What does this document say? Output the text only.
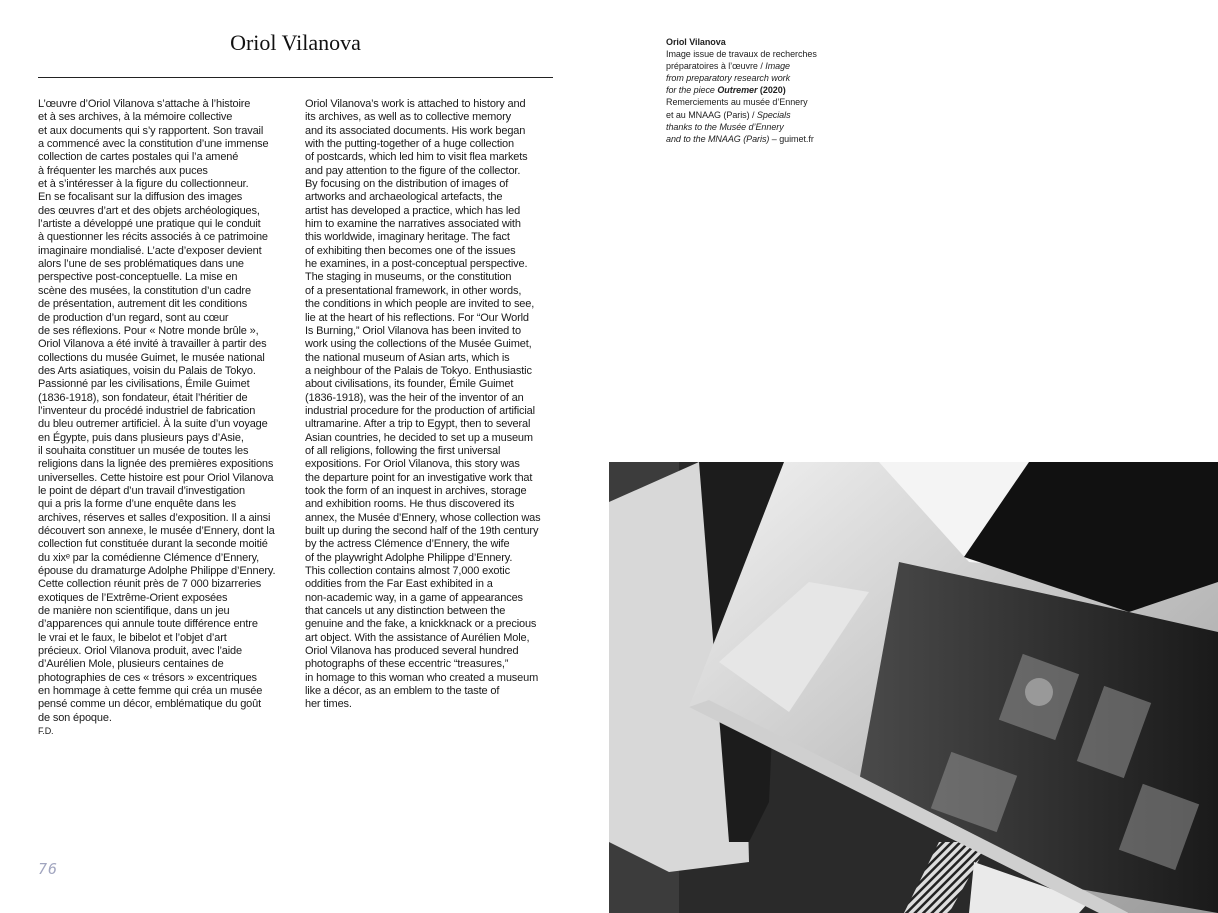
Oriol Vilanova
L’œuvre d’Oriol Vilanova s’attache à l’histoire
et à ses archives, à la mémoire collective
et aux documents qui s’y rapportent. Son travail
a commencé avec la constitution d’une immense
collection de cartes postales qui l’a amené
à fréquenter les marchés aux puces
et à s’intéresser à la figure du collectionneur.
En se focalisant sur la diffusion des images
des œuvres d’art et des objets archéologiques,
l’artiste a développé une pratique qui le conduit
à questionner les récits associés à ce patrimoine
imaginaire mondialisé. L’acte d’exposer devient
alors l’une de ses problématiques dans une
perspective post-conceptuelle. La mise en
scène des musées, la constitution d’un cadre
de présentation, autrement dit les conditions
de production d’un regard, sont au cœur
de ses réflexions. Pour « Notre monde brûle »,
Oriol Vilanova a été invité à travailler à partir des
collections du musée Guimet, le musée national
des Arts asiatiques, voisin du Palais de Tokyo.
Passionné par les civilisations, Émile Guimet
(1836-1918), son fondateur, était l’héritier de
l’inventeur du procédé industriel de fabrication
du bleu outremer artificiel. À la suite d’un voyage
en Égypte, puis dans plusieurs pays d’Asie,
il souhaita constituer un musée de toutes les
religions dans la lignée des premières expositions
universelles. Cette histoire est pour Oriol Vilanova
le point de départ d’un travail d’investigation
qui a pris la forme d’une enquête dans les
archives, réserves et salles d’exposition. Il a ainsi
découvert son annexe, le musée d’Ennery, dont la
collection fut constituée durant la seconde moitié
du xixᵉ par la comédienne Clémence d’Ennery,
épouse du dramaturge Adolphe Philippe d’Ennery.
Cette collection réunit près de 7 000 bizarreries
exotiques de l’Extrême-Orient exposées
de manière non scientifique, dans un jeu
d’apparences qui annule toute différence entre
le vrai et le faux, le bibelot et l’objet d’art
précieux. Oriol Vilanova produit, avec l’aide
d’Aurélien Mole, plusieurs centaines de
photographies de ces « trésors » excentriques
en hommage à cette femme qui créa un musée
pensé comme un décor, emblématique du goût
de son époque.
F.D.
Oriol Vilanova’s work is attached to history and
its archives, as well as to collective memory
and its associated documents. His work began
with the putting-together of a huge collection
of postcards, which led him to visit flea markets
and pay attention to the figure of the collector.
By focusing on the distribution of images of
artworks and archaeological artefacts, the
artist has developed a practice, which has led
him to examine the narratives associated with
this worldwide, imaginary heritage. The fact
of exhibiting then becomes one of the issues
he examines, in a post-conceptual perspective.
The staging in museums, or the constitution
of a presentational framework, in other words,
the conditions in which people are invited to see,
lie at the heart of his reflections. For “Our World
Is Burning,” Oriol Vilanova has been invited to
work using the collections of the Musée Guimet,
the national museum of Asian arts, which is
a neighbour of the Palais de Tokyo. Enthusiastic
about civilisations, its founder, Émile Guimet
(1836-1918), was the heir of the inventor of an
industrial procedure for the production of artificial
ultramarine. After a trip to Egypt, then to several
Asian countries, he decided to set up a museum
of all religions, following the first universal
expositions. For Oriol Vilanova, this story was
the departure point for an investigative work that
took the form of an inquest in archives, storage
and exhibition rooms. He thus discovered its
annex, the Musée d’Ennery, whose collection was
built up during the second half of the 19th century
by the actress Clémence d’Ennery, the wife
of the playwright Adolphe Philippe d’Ennery.
This collection contains almost 7,000 exotic
oddities from the Far East exhibited in a
non-academic way, in a game of appearances
that cancels ut any distinction between the
genuine and the fake, a knickknack or a precious
art object. With the assistance of Aurélien Mole,
Oriol Vilanova has produced several hundred
photographs of these eccentric “treasures,”
in homage to this woman who created a museum
like a décor, as an emblem to the taste of
her times.
Oriol Vilanova
Image issue de travaux de recherches
préparatoires à l’œuvre / Image
from preparatory research work
for the piece Outremer (2020)
Remerciements au musée d’Ennery
et au MNAAG (Paris) / Specials
thanks to the Musée d’Ennery
and to the MNAAG (Paris) – guimet.fr
76
